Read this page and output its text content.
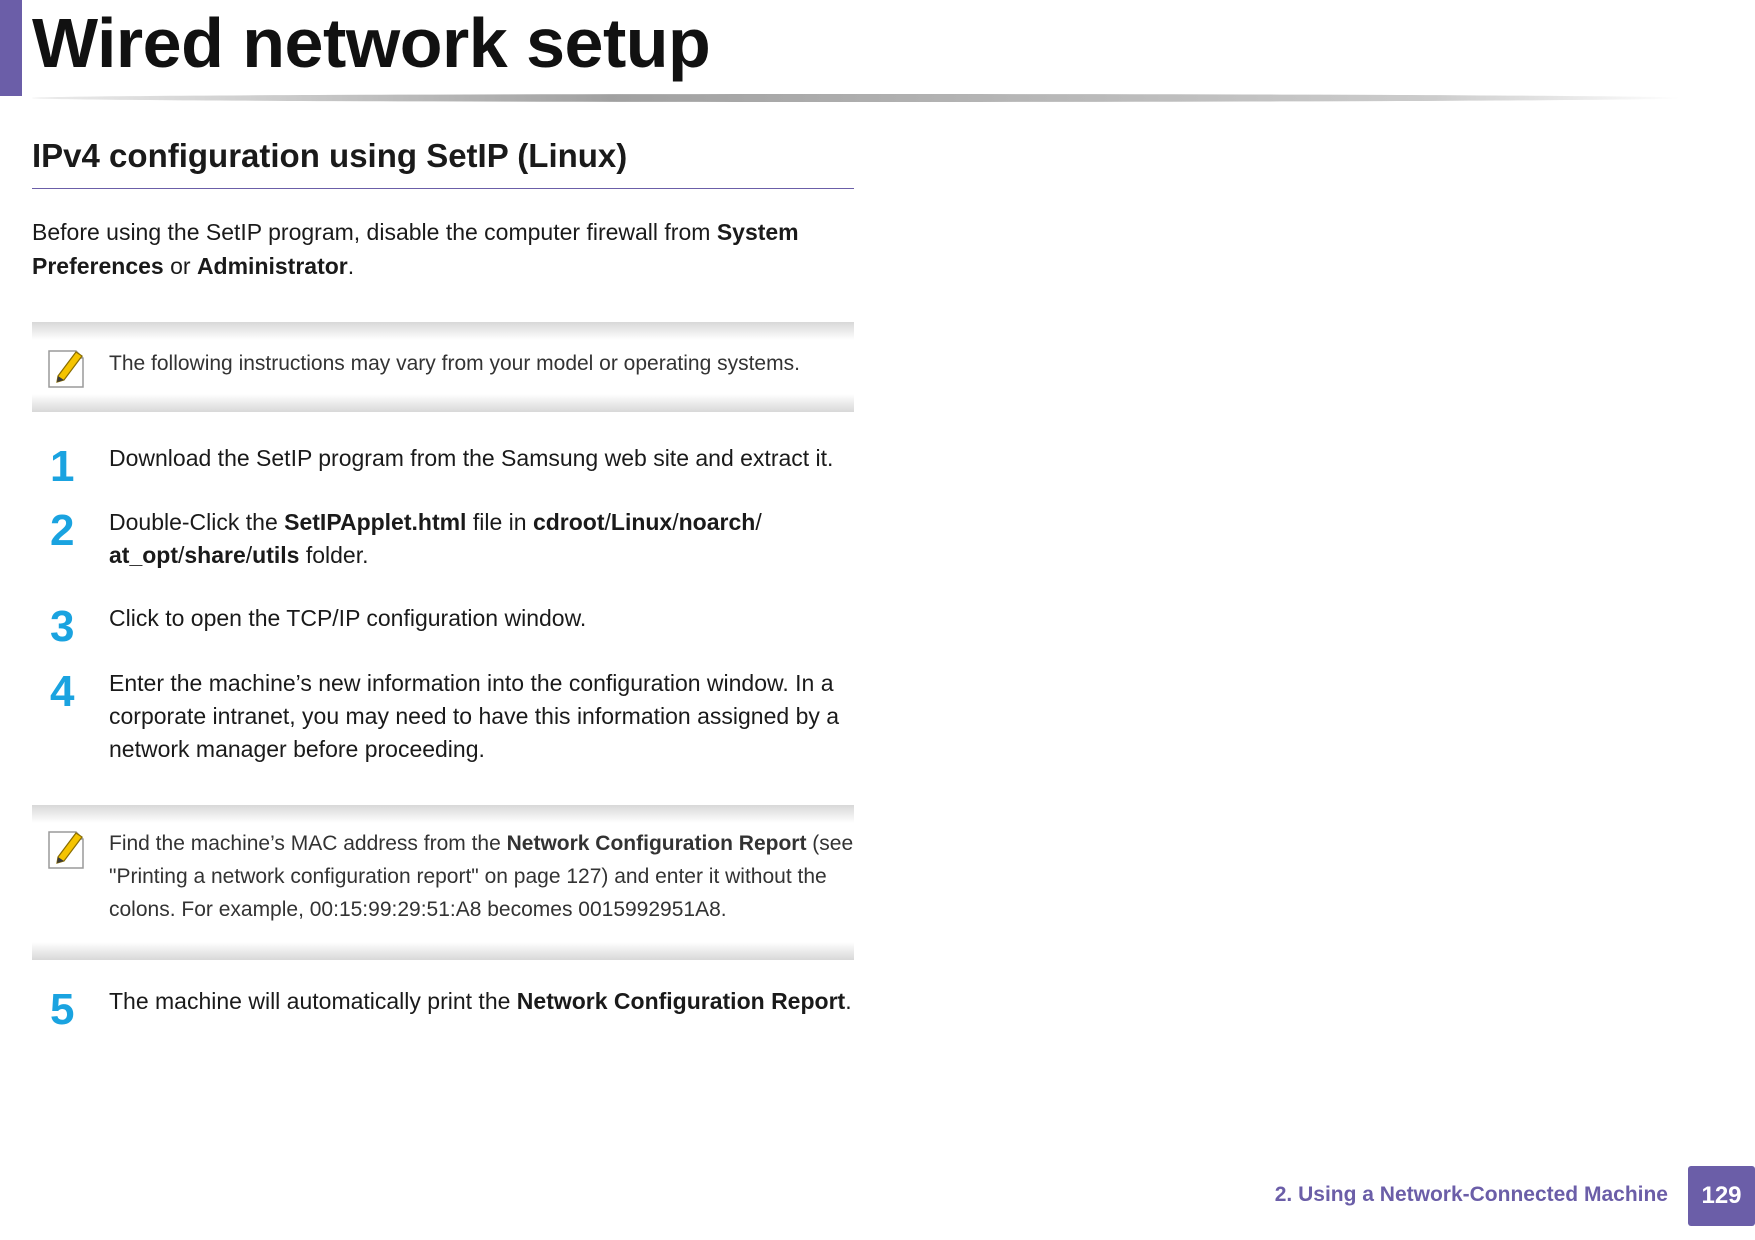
Wired network setup
IPv4 configuration using SetIP (Linux)

Before using the SetIP program, disable the computer firewall from System Preferences or Administrator.

The following instructions may vary from your model or operating systems.

1	Download the SetIP program from the Samsung web site and extract it.

2	Double-Click the SetIPApplet.html file in cdroot/Linux/noarch/
at_opt/share/utils folder.

3	Click to open the TCP/IP configuration window.

4	Enter the machine’s new information into the configuration window. In a corporate intranet, you may need to have this information assigned by a network manager before proceeding.

Find the machine’s MAC address from the Network Configuration Report (see "Printing a network configuration report" on page 127) and enter it without the colons. For example, 00:15:99:29:51:A8 becomes 0015992951A8.

5	The machine will automatically print the Network Configuration Report.

2. Using a Network-Connected Machine	129
